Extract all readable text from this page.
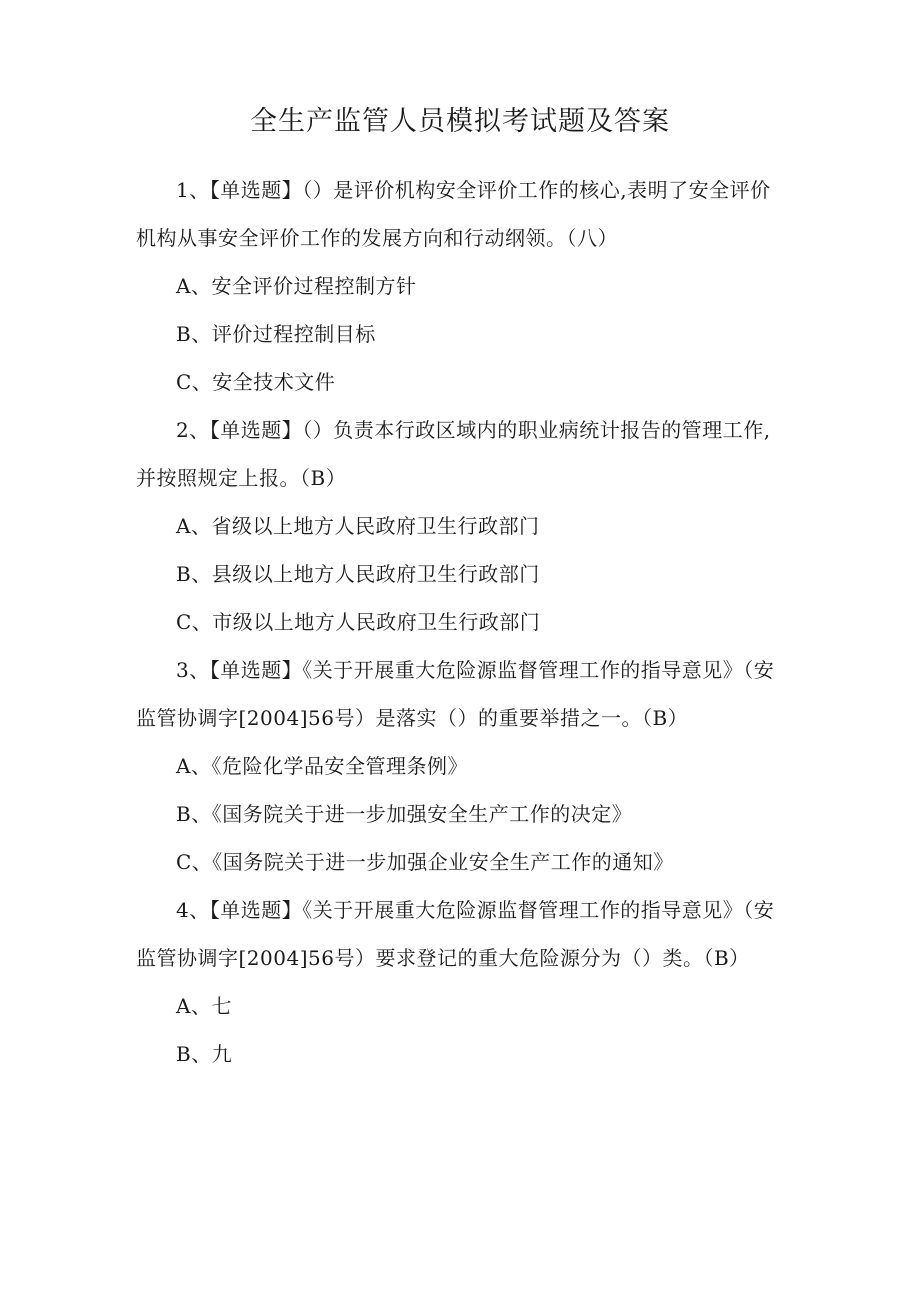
全生产监管人员模拟考试题及答案

1、【单选题】（）是评价机构安全评价工作的核心,表明了安全评价机构从事安全评价工作的发展方向和行动纲领。（八）

A、安全评价过程控制方针
B、评价过程控制目标
C、安全技术文件

2、【单选题】（）负责本行政区域内的职业病统计报告的管理工作,并按照规定上报。（B）

A、省级以上地方人民政府卫生行政部门
B、县级以上地方人民政府卫生行政部门
C、市级以上地方人民政府卫生行政部门

3、【单选题】《关于开展重大危险源监督管理工作的指导意见》（安监管协调字[2004]56号）是落实（）的重要举措之一。（B）

A、《危险化学品安全管理条例》
B、《国务院关于进一步加强安全生产工作的决定》
C、《国务院关于进一步加强企业安全生产工作的通知》

4、【单选题】《关于开展重大危险源监督管理工作的指导意见》（安监管协调字[2004]56号）要求登记的重大危险源分为（）类。（B）

A、七
B、九
